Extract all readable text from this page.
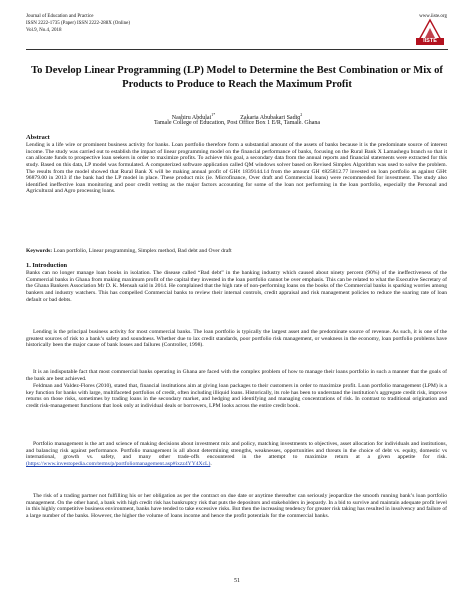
Journal of Education and Practice
ISSN 2222-1735 (Paper) ISSN 2222-288X (Online)
Vol.9, No.4, 2018
www.iiste.org
IISTE
To Develop Linear Programming (LP) Model to Determine the Best Combination or Mix of Products to Produce to Reach the Maximum Profit
Nashiru Abdulai$^{1*}$  Zakaria Abubakari Sadiq$^2$
Tamale College of Education, Post Office Box 1 E/R, Tamale. Ghana
Abstract
Lending is a life wire or prominent business activity for banks. Loan portfolio therefore form a substantial amount of the assets of banks because it is the predominate source of interest income. The study was carried out to establish the impact of linear programming model on the financial performance of banks, focusing on the Rural Bank X Lamashegu branch so that it can allocate funds to prospective loan seekers in order to maximize profits. To achieve this goal, a secondary data from the annual reports and financial statements were extracted for this study. Based on this data, LP model was formulated. A computerized software application called QM windows solver based on Revised Simplex Algorithm was used to solve the problem. The results from the model showed that Rural Bank X will be making annual profit of GH¢ 1839144.14 from the amount GH ¢825812.77 invested on loan portfolio as against GH¢ 96879.00 in 2013 if the bank had the LP model in place. These product mix (ie. Microfinance, Over draft and Commercial loans) were recommended for investment. The study also identified ineffective loan monitoring and poor credit vetting as the major factors accounting for some of the loan not performing in the loan portfolio, especially the Personal and Agricultural and Agro processing loans.
Keywords: Loan portfolio, Linear programming, Simplex method, Bad debt and Over draft
1. Introduction
Banks can no longer manage loan books in isolation. The disease called “Bad debt” in the banking industry which caused about ninety percent (90%) of the ineffectiveness of the Commercial banks in Ghana from making maximum profit of the capital they invested in the loan portfolio cannot be over emphasis. This can be related to what the Executive Secretary of the Ghana Bankers Association Mr D. K. Mensah said in 2014. He complained that the high rate of non-performing loans on the books of the Commercial banks is sparking worries among bankers and industry watchers. This has compelled Commercial banks to review their internal controls, credit appraisal and risk management policies to reduce the soaring rate of loan default or bad debts.
Lending is the principal business activity for most commercial banks. The loan portfolio is typically the largest asset and the predominate source of revenue. As such, it is one of the greatest sources of risk to a bank’s safety and soundness. Whether due to lax credit standards, poor portfolio risk management, or weakness in the economy, loan portfolio problems have historically been the major cause of bank losses and failures (Controller, 1998).
It is an indisputable fact that most commercial banks operating in Ghana are faced with the complex problem of how to manage their loans portfolio in such a manner that the goals of the bank are best achieved.
Feldman and Valdez-Flores (2010), stated that, financial institutions aim at giving loan packages to their customers in order to maximize profit. Loan portfolio management (LPM) is a key function for banks with large, multifaceted portfolios of credit, often including illiquid loans. Historically, its role has been to understand the institution’s aggregate credit risk, improve returns on those risks, sometimes by trading loans in the secondary market, and hedging and identifying and managing concentrations of risk. In contrast to traditional origination and credit risk-management functions that look only at individual deals or borrowers, LPM looks across the entire credit book.
Portfolio management is the art and science of making decisions about investment mix and policy, matching investments to objectives, asset allocation for individuals and institutions, and balancing risk against performance. Portfolio management is all about determining strengths, weaknesses, opportunities and threats in the choice of debt vs. equity, domestic vs international, growth vs. safety, and many other trade-offs encountered in the attempt to maximize return at a given appetite for risk. (https://www.investopedia.com/terms/p/portfoliomanagement.asp#ixzz4YY4XcL).
The risk of a trading partner not fulfilling his or her obligation as per the contract on due date or anytime thereafter can seriously jeopardize the smooth running bank’s loan portfolio management. On the other hand, a bank with high credit risk has bankruptcy risk that puts the depositors and stakeholders in jeopardy. In a bid to survive and maintain adequate profit level in this highly competitive business environment, banks have tended to take excessive risks. But then the increasing tendency for greater risk taking has resulted in insolvency and failure of a large number of the banks. However, the higher the volume of loans income and hence the profit potentials for the commercial banks.
51
